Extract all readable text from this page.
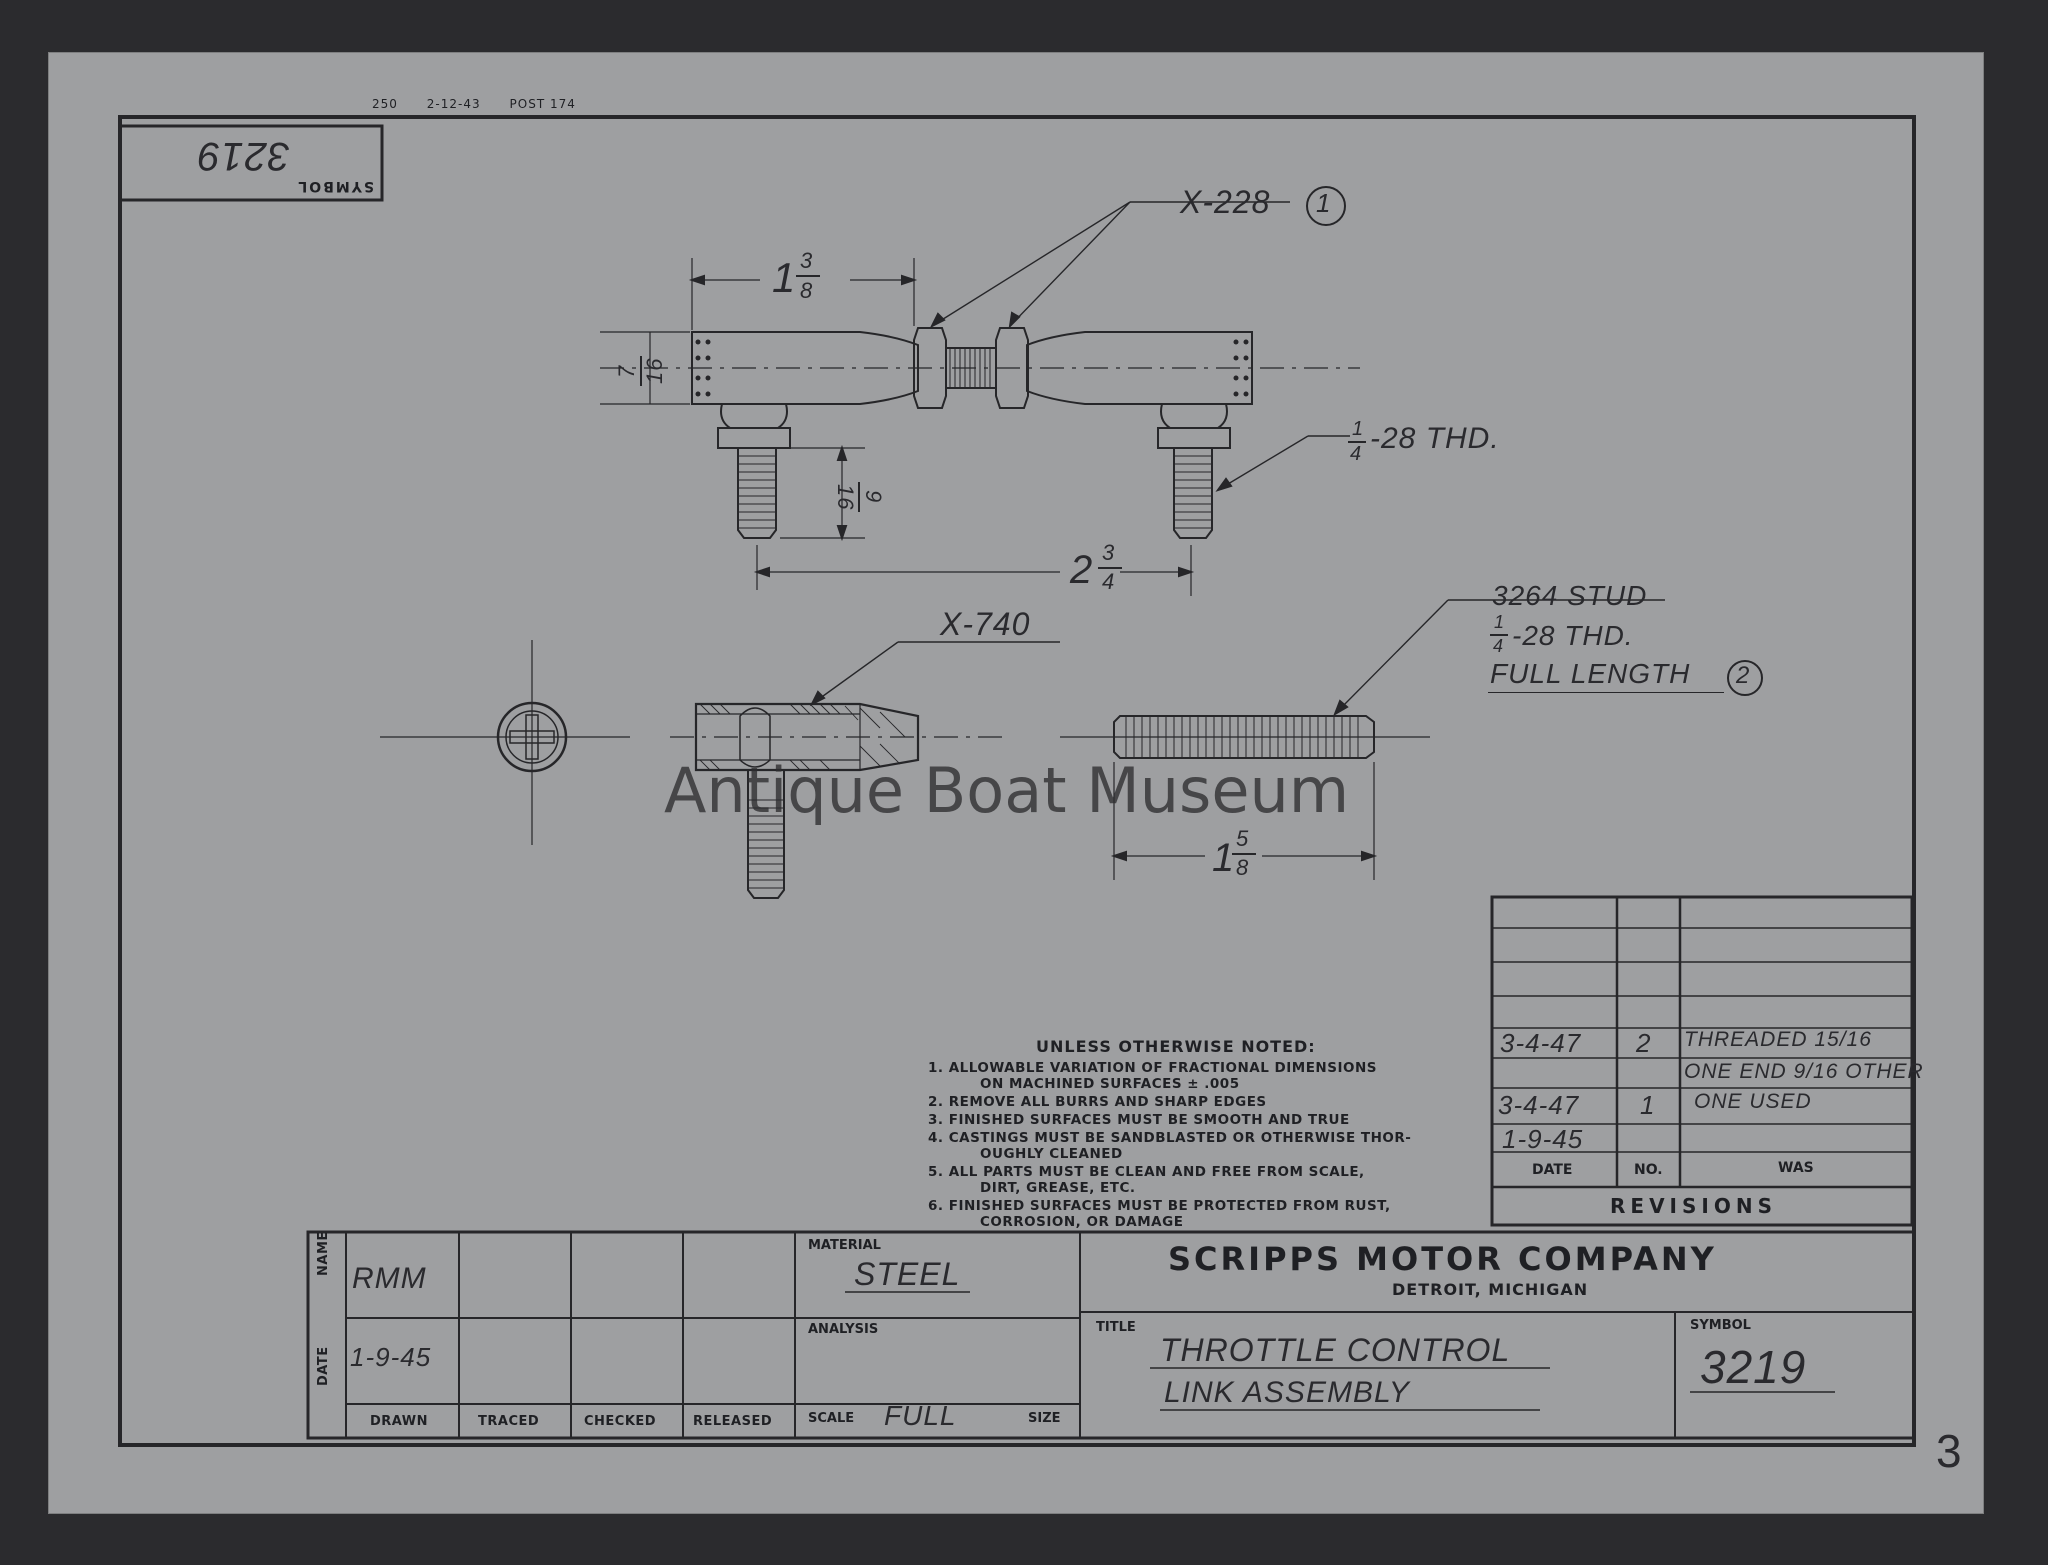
250 2-12-43 POST 174
SYMBOL
3219
X-228 1
1 3
8
7 16
9
16
2 3
4
1
4 -28 THD.
X-740
3264 STUD
1
4 -28 THD.
FULL LENGTH 2
1 5
8
Antique Boat Museum
UNLESS OTHERWISE NOTED:
1. ALLOWABLE VARIATION OF FRACTIONAL DIMENSIONS
ON MACHINED SURFACES ± .005
2. REMOVE ALL BURRS AND SHARP EDGES
3. FINISHED SURFACES MUST BE SMOOTH AND TRUE
4. CASTINGS MUST BE SANDBLASTED OR OTHERWISE THOR-
OUGHLY CLEANED
5. ALL PARTS MUST BE CLEAN AND FREE FROM SCALE,
DIRT, GREASE, ETC.
6. FINISHED SURFACES MUST BE PROTECTED FROM RUST,
CORROSION, OR DAMAGE
3-4-47 2 THREADED 15/16
ONE END 9/16 OTHER
3-4-47 1 ONE USED
1-9-45
DATE	NO.	WAS
REVISIONS
NAME
DATE
RMM
1-9-45
DRAWN	TRACED	CHECKED	RELEASED
MATERIAL
STEEL
ANALYSIS
SCALE FULL	SIZE
SCRIPPS MOTOR COMPANY
DETROIT, MICHIGAN
TITLE
THROTTLE CONTROL
LINK ASSEMBLY
SYMBOL
3219
3
